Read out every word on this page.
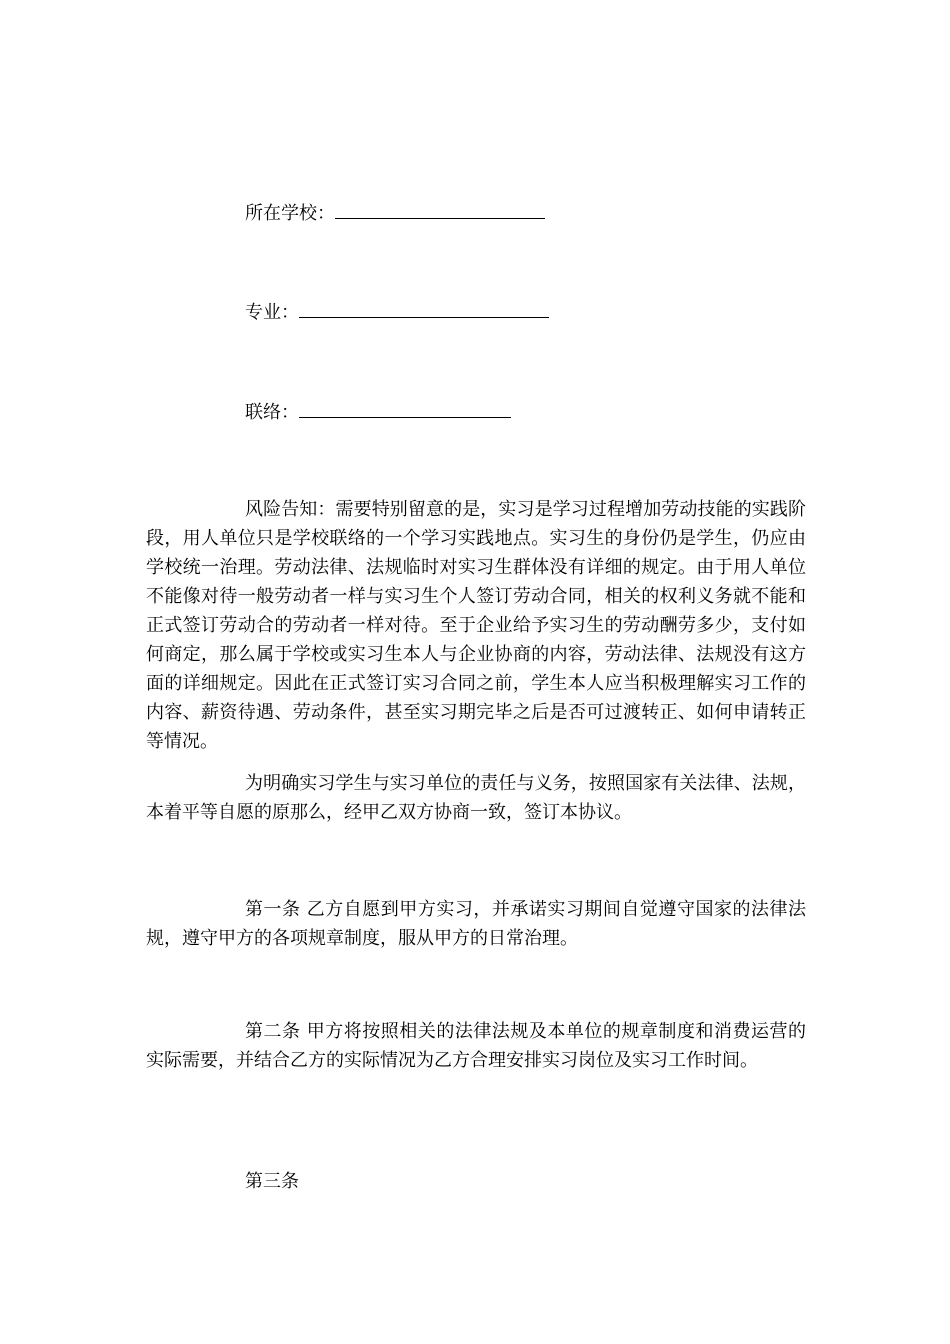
所在学校：
专业：
联络：

风险告知：需要特别留意的是，实习是学习过程增加劳动技能的实践阶段，用人单位只是学校联络的一个学习实践地点。实习生的身份仍是学生，仍应由学校统一治理。劳动法律、法规临时对实习生群体没有详细的规定。由于用人单位不能像对待一般劳动者一样与实习生个人签订劳动合同，相关的权利义务就不能和正式签订劳动合的劳动者一样对待。至于企业给予实习生的劳动酬劳多少，支付如何商定，那么属于学校或实习生本人与企业协商的内容，劳动法律、法规没有这方面的详细规定。因此在正式签订实习合同之前，学生本人应当积极理解实习工作的内容、薪资待遇、劳动条件，甚至实习期完毕之后是否可过渡转正、如何申请转正等情况。

为明确实习学生与实习单位的责任与义务，按照国家有关法律、法规，本着平等自愿的原那么，经甲乙双方协商一致，签订本协议。

第一条 乙方自愿到甲方实习，并承诺实习期间自觉遵守国家的法律法规，遵守甲方的各项规章制度，服从甲方的日常治理。

第二条 甲方将按照相关的法律法规及本单位的规章制度和消费运营的实际需要，并结合乙方的实际情况为乙方合理安排实习岗位及实习工作时间。

第三条
